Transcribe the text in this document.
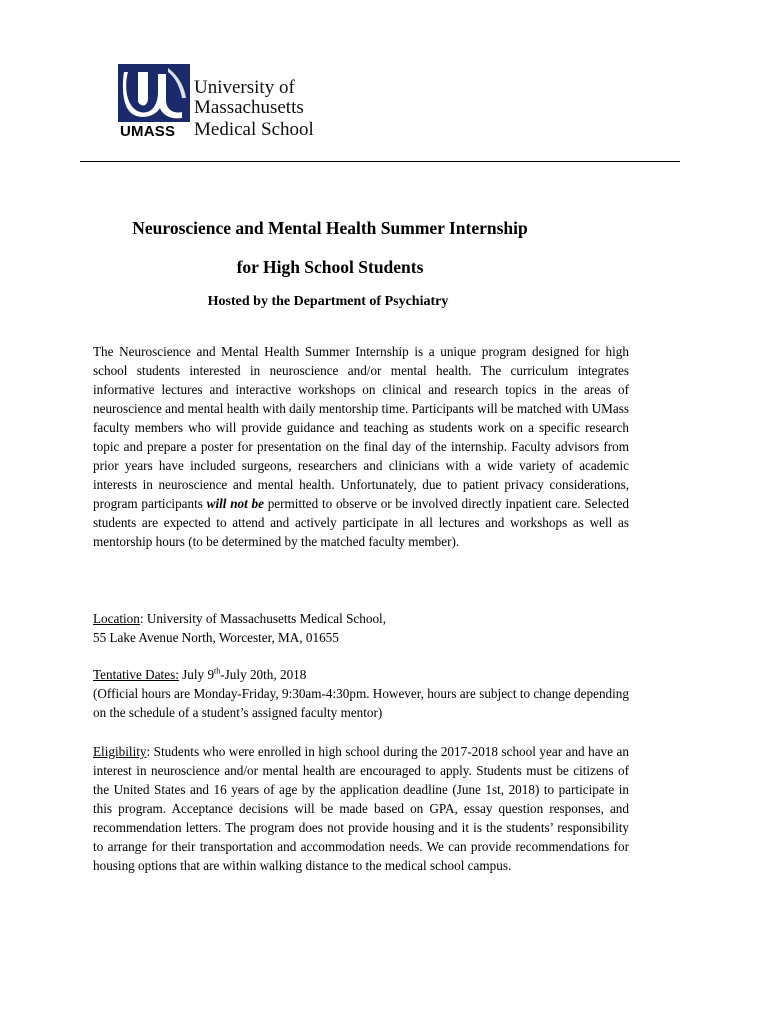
UMASS
University of
Massachusetts
Medical School
Neuroscience and Mental Health Summer Internship
for High School Students
Hosted by the Department of Psychiatry
The Neuroscience and Mental Health Summer Internship is a unique program designed for high school students interested in neuroscience and/or mental health. The curriculum integrates informative lectures and interactive workshops on clinical and research topics in the areas of neuroscience and mental health with daily mentorship time. Participants will be matched with UMass faculty members who will provide guidance and teaching as students work on a specific research topic and prepare a poster for presentation on the final day of the internship. Faculty advisors from prior years have included surgeons, researchers and clinicians with a wide variety of academic interests in neuroscience and mental health. Unfortunately, due to patient privacy considerations, program participants will not be permitted to observe or be involved directly inpatient care. Selected students are expected to attend and actively participate in all lectures and workshops as well as mentorship hours (to be determined by the matched faculty member).
Location: University of Massachusetts Medical School,
55 Lake Avenue North, Worcester, MA, 01655
Tentative Dates: July 9th-July 20th, 2018
(Official hours are Monday-Friday, 9:30am-4:30pm. However, hours are subject to change depending on the schedule of a student’s assigned faculty mentor)
Eligibility: Students who were enrolled in high school during the 2017-2018 school year and have an interest in neuroscience and/or mental health are encouraged to apply. Students must be citizens of the United States and 16 years of age by the application deadline (June 1st, 2018) to participate in this program. Acceptance decisions will be made based on GPA, essay question responses, and recommendation letters. The program does not provide housing and it is the students’ responsibility to arrange for their transportation and accommodation needs. We can provide recommendations for housing options that are within walking distance to the medical school campus.
